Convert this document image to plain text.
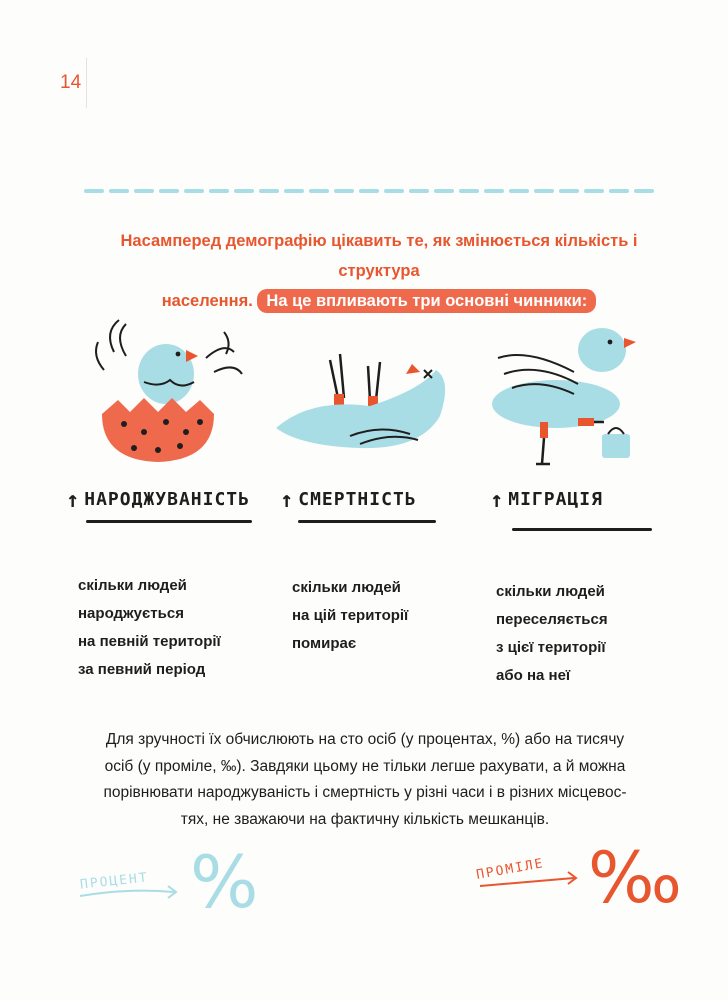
14
Насамперед демографію цікавить те, як змінюється кількість і структура
населення. На це впливають три основні чинники:
↑ НАРОДЖУВАНІСТЬ ↑ СМЕРТНІСТЬ	↑ МІГРАЦІЯ
скільки людей
народжується
на певній території
за певний період
скільки людей
на цій території
помирає
скільки людей
переселяється
з цієї території
або на неї
Для зручності їх обчислюють на сто осіб (у процентах, %) або на тисячу
осіб (у проміле, ‰). Завдяки цьому не тільки легше рахувати, а й можна
порівнювати народжуваність і смертність у різні часи і в різних місцевос-
тях, не зважаючи на фактичну кількість мешканців.
ПРОЦЕНТ %	ПРОМІЛЕ ‰
